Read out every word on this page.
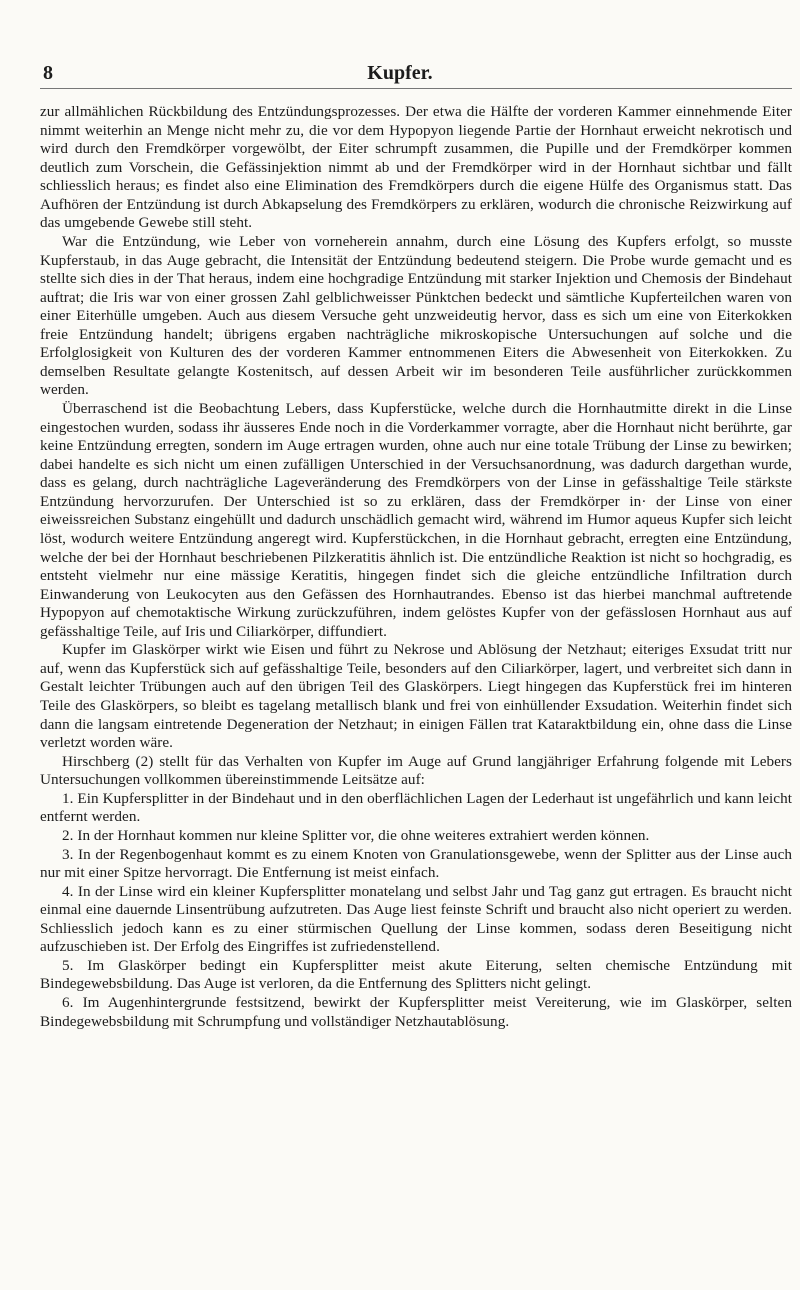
8	Kupfer.

zur allmählichen Rückbildung des Entzündungsprozesses. Der etwa die Hälfte der vorderen Kammer einnehmende Eiter nimmt weiterhin an Menge nicht mehr zu, die vor dem Hypopyon liegende Partie der Hornhaut erweicht nekrotisch und wird durch den Fremdkörper vorgewölbt, der Eiter schrumpft zusammen, die Pupille und der Fremdkörper kommen deutlich zum Vorschein, die Gefässinjektion nimmt ab und der Fremdkörper wird in der Hornhaut sichtbar und fällt schliesslich heraus; es findet also eine Elimination des Fremdkörpers durch die eigene Hülfe des Organismus statt. Das Aufhören der Entzündung ist durch Abkapselung des Fremdkörpers zu erklären, wodurch die chronische Reizwirkung auf das umgebende Gewebe still steht.

War die Entzündung, wie Leber von vorneherein annahm, durch eine Lösung des Kupfers erfolgt, so musste Kupferstaub, in das Auge gebracht, die Intensität der Entzündung bedeutend steigern. Die Probe wurde gemacht und es stellte sich dies in der That heraus, indem eine hochgradige Entzündung mit starker Injektion und Chemosis der Bindehaut auftrat; die Iris war von einer grossen Zahl gelblichweisser Pünktchen bedeckt und sämtliche Kupferteilchen waren von einer Eiterhülle umgeben. Auch aus diesem Versuche geht unzweideutig hervor, dass es sich um eine von Eiterkokken freie Entzündung handelt; übrigens ergaben nachträgliche mikroskopische Untersuchungen auf solche und die Erfolglosigkeit von Kulturen des der vorderen Kammer entnommenen Eiters die Abwesenheit von Eiterkokken. Zu demselben Resultate gelangte Kostenitsch, auf dessen Arbeit wir im besonderen Teile ausführlicher zurückkommen werden.

Überraschend ist die Beobachtung Lebers, dass Kupferstücke, welche durch die Hornhautmitte direkt in die Linse eingestochen wurden, sodass ihr äusseres Ende noch in die Vorderkammer vorragte, aber die Hornhaut nicht berührte, gar keine Entzündung erregten, sondern im Auge ertragen wurden, ohne auch nur eine totale Trübung der Linse zu bewirken; dabei handelte es sich nicht um einen zufälligen Unterschied in der Versuchsanordnung, was dadurch dargethan wurde, dass es gelang, durch nachträgliche Lageveränderung des Fremdkörpers von der Linse in gefässhaltige Teile stärkste Entzündung hervorzurufen. Der Unterschied ist so zu erklären, dass der Fremdkörper in· der Linse von einer eiweissreichen Substanz eingehüllt und dadurch unschädlich gemacht wird, während im Humor aqueus Kupfer sich leicht löst, wodurch weitere Entzündung angeregt wird. Kupferstückchen, in die Hornhaut gebracht, erregten eine Entzündung, welche der bei der Hornhaut beschriebenen Pilzkeratitis ähnlich ist. Die entzündliche Reaktion ist nicht so hochgradig, es entsteht vielmehr nur eine mässige Keratitis, hingegen findet sich die gleiche entzündliche Infiltration durch Einwanderung von Leukocyten aus den Gefässen des Hornhautrandes. Ebenso ist das hierbei manchmal auftretende Hypopyon auf chemotaktische Wirkung zurückzuführen, indem gelöstes Kupfer von der gefässlosen Hornhaut aus auf gefässhaltige Teile, auf Iris und Ciliarkörper, diffundiert.

Kupfer im Glaskörper wirkt wie Eisen und führt zu Nekrose und Ablösung der Netzhaut; eiteriges Exsudat tritt nur auf, wenn das Kupferstück sich auf gefässhaltige Teile, besonders auf den Ciliarkörper, lagert, und verbreitet sich dann in Gestalt leichter Trübungen auch auf den übrigen Teil des Glaskörpers. Liegt hingegen das Kupferstück frei im hinteren Teile des Glaskörpers, so bleibt es tagelang metallisch blank und frei von einhüllender Exsudation. Weiterhin findet sich dann die langsam eintretende Degeneration der Netzhaut; in einigen Fällen trat Kataraktbildung ein, ohne dass die Linse verletzt worden wäre.

Hirschberg (2) stellt für das Verhalten von Kupfer im Auge auf Grund langjähriger Erfahrung folgende mit Lebers Untersuchungen vollkommen übereinstimmende Leitsätze auf:

1. Ein Kupfersplitter in der Bindehaut und in den oberflächlichen Lagen der Lederhaut ist ungefährlich und kann leicht entfernt werden.

2. In der Hornhaut kommen nur kleine Splitter vor, die ohne weiteres extrahiert werden können.

3. In der Regenbogenhaut kommt es zu einem Knoten von Granulationsgewebe, wenn der Splitter aus der Linse auch nur mit einer Spitze hervorragt. Die Entfernung ist meist einfach.

4. In der Linse wird ein kleiner Kupfersplitter monatelang und selbst Jahr und Tag ganz gut ertragen. Es braucht nicht einmal eine dauernde Linsentrübung aufzutreten. Das Auge liest feinste Schrift und braucht also nicht operiert zu werden. Schliesslich jedoch kann es zu einer stürmischen Quellung der Linse kommen, sodass deren Beseitigung nicht aufzuschieben ist. Der Erfolg des Eingriffes ist zufriedenstellend.

5. Im Glaskörper bedingt ein Kupfersplitter meist akute Eiterung, selten chemische Entzündung mit Bindegewebsbildung. Das Auge ist verloren, da die Entfernung des Splitters nicht gelingt.

6. Im Augenhintergrunde festsitzend, bewirkt der Kupfersplitter meist Vereiterung, wie im Glaskörper, selten Bindegewebsbildung mit Schrumpfung und vollständiger Netzhautablösung.
